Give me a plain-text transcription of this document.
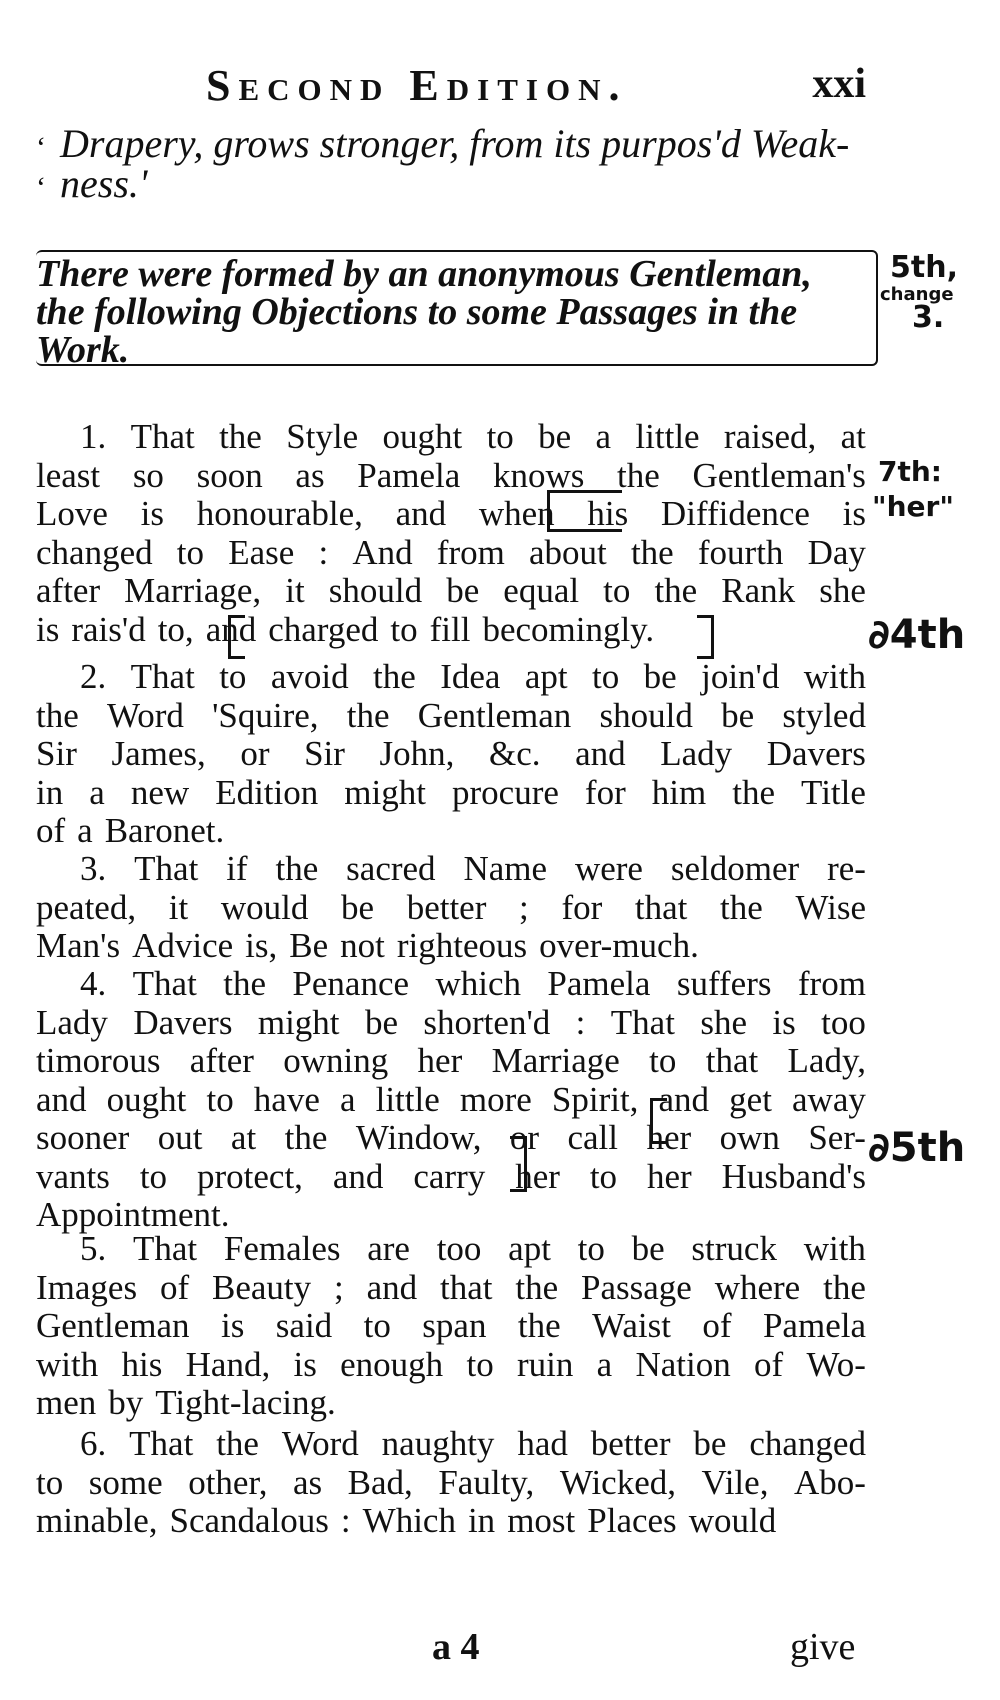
Second Edition.	xxi
‘ Drapery, grows stronger, from its purpos'd Weak-
‘ ness.'
There were formed by an anonymous Gentleman,
the following Objections to some Passages in the
Work.
5th,
change
3.
1. That the Style ought to be a little raised, at
least so soon as Pamela knows the Gentleman's
Love is honourable, and when his Diffidence is
changed to Ease : And from about the fourth Day
after Marriage, it should be equal to the Rank she
is rais'd to, and charged to fill becomingly.
2. That to avoid the Idea apt to be join'd with
the Word 'Squire, the Gentleman should be styled
Sir James, or Sir John, &c. and Lady Davers
in a new Edition might procure for him the Title
of a Baronet.
3. That if the sacred Name were seldomer re-
peated, it would be better ; for that the Wise
Man's Advice is, Be not righteous over-much.
4. That the Penance which Pamela suffers from
Lady Davers might be shorten'd : That she is too
timorous after owning her Marriage to that Lady,
and ought to have a little more Spirit, and get away
sooner out at the Window, or call her own Ser-
vants to protect, and carry her to her Husband's
Appointment.
5. That Females are too apt to be struck with
Images of Beauty ; and that the Passage where the
Gentleman is said to span the Waist of Pamela
with his Hand, is enough to ruin a Nation of Wo-
men by Tight-lacing.
6. That the Word naughty had better be changed
to some other, as Bad, Faulty, Wicked, Vile, Abo-
minable, Scandalous : Which in most Places would
7th:
"her"
∂4th
∂5th
a 4	give
